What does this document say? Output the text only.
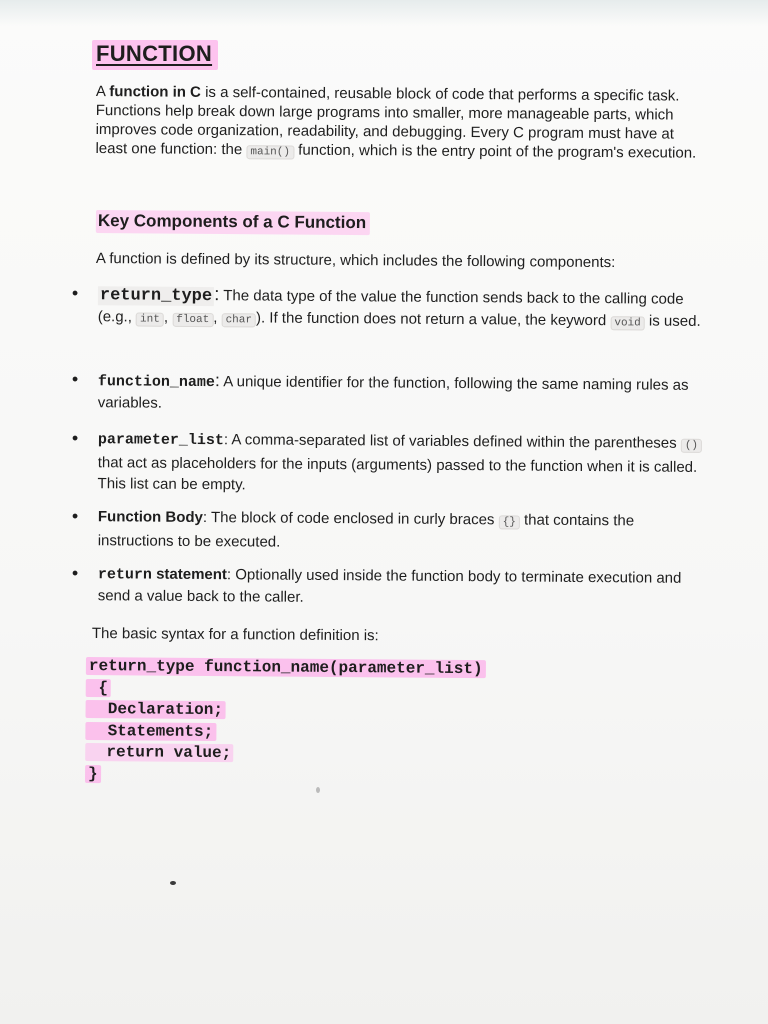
FUNCTION
A function in C is a self-contained, reusable block of code that performs a specific task. Functions help break down large programs into smaller, more manageable parts, which improves code organization, readability, and debugging. Every C program must have at least one function: the main() function, which is the entry point of the program's execution.
Key Components of a C Function
A function is defined by its structure, which includes the following components:
•	return_type: The data type of the value the function sends back to the calling code (e.g., int , float , char ). If the function does not return a value, the keyword void is used.
•	function_name: A unique identifier for the function, following the same naming rules as variables.
•	parameter_list: A comma-separated list of variables defined within the parentheses () that act as placeholders for the inputs (arguments) passed to the function when it is called. This list can be empty.
•	Function Body: The block of code enclosed in curly braces {} that contains the instructions to be executed.
•	return statement: Optionally used inside the function body to terminate execution and send a value back to the caller.
The basic syntax for a function definition is:
return_type function_name(parameter_list)
{
Declaration;
Statements;
return value;
}
